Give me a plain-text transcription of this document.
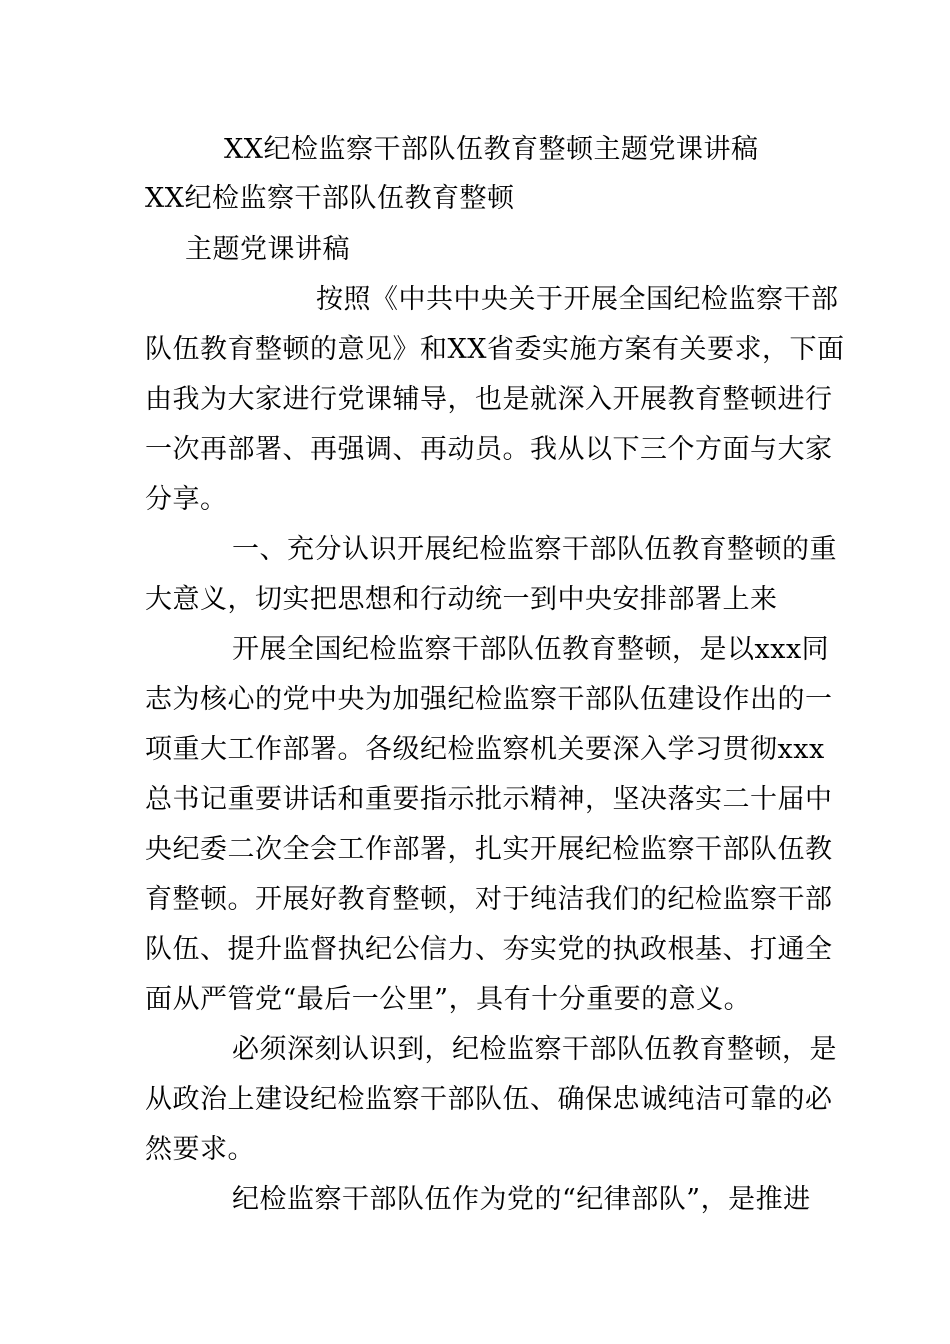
XX纪检监察干部队伍教育整顿主题党课讲稿
XX纪检监察干部队伍教育整顿
主题党课讲稿
按照《中共中央关于开展全国纪检监察干部
队伍教育整顿的意见》和XX省委实施方案有关要求，下面
由我为大家进行党课辅导，也是就深入开展教育整顿进行
一次再部署、再强调、再动员。我从以下三个方面与大家
分享。
一、充分认识开展纪检监察干部队伍教育整顿的重
大意义，切实把思想和行动统一到中央安排部署上来
开展全国纪检监察干部队伍教育整顿，是以xxx同
志为核心的党中央为加强纪检监察干部队伍建设作出的一
项重大工作部署。各级纪检监察机关要深入学习贯彻xxx
总书记重要讲话和重要指示批示精神，坚决落实二十届中
央纪委二次全会工作部署，扎实开展纪检监察干部队伍教
育整顿。开展好教育整顿，对于纯洁我们的纪检监察干部
队伍、提升监督执纪公信力、夯实党的执政根基、打通全
面从严管党“最后一公里”，具有十分重要的意义。
必须深刻认识到，纪检监察干部队伍教育整顿，是
从政治上建设纪检监察干部队伍、确保忠诚纯洁可靠的必
然要求。
纪检监察干部队伍作为党的“纪律部队”，是推进
